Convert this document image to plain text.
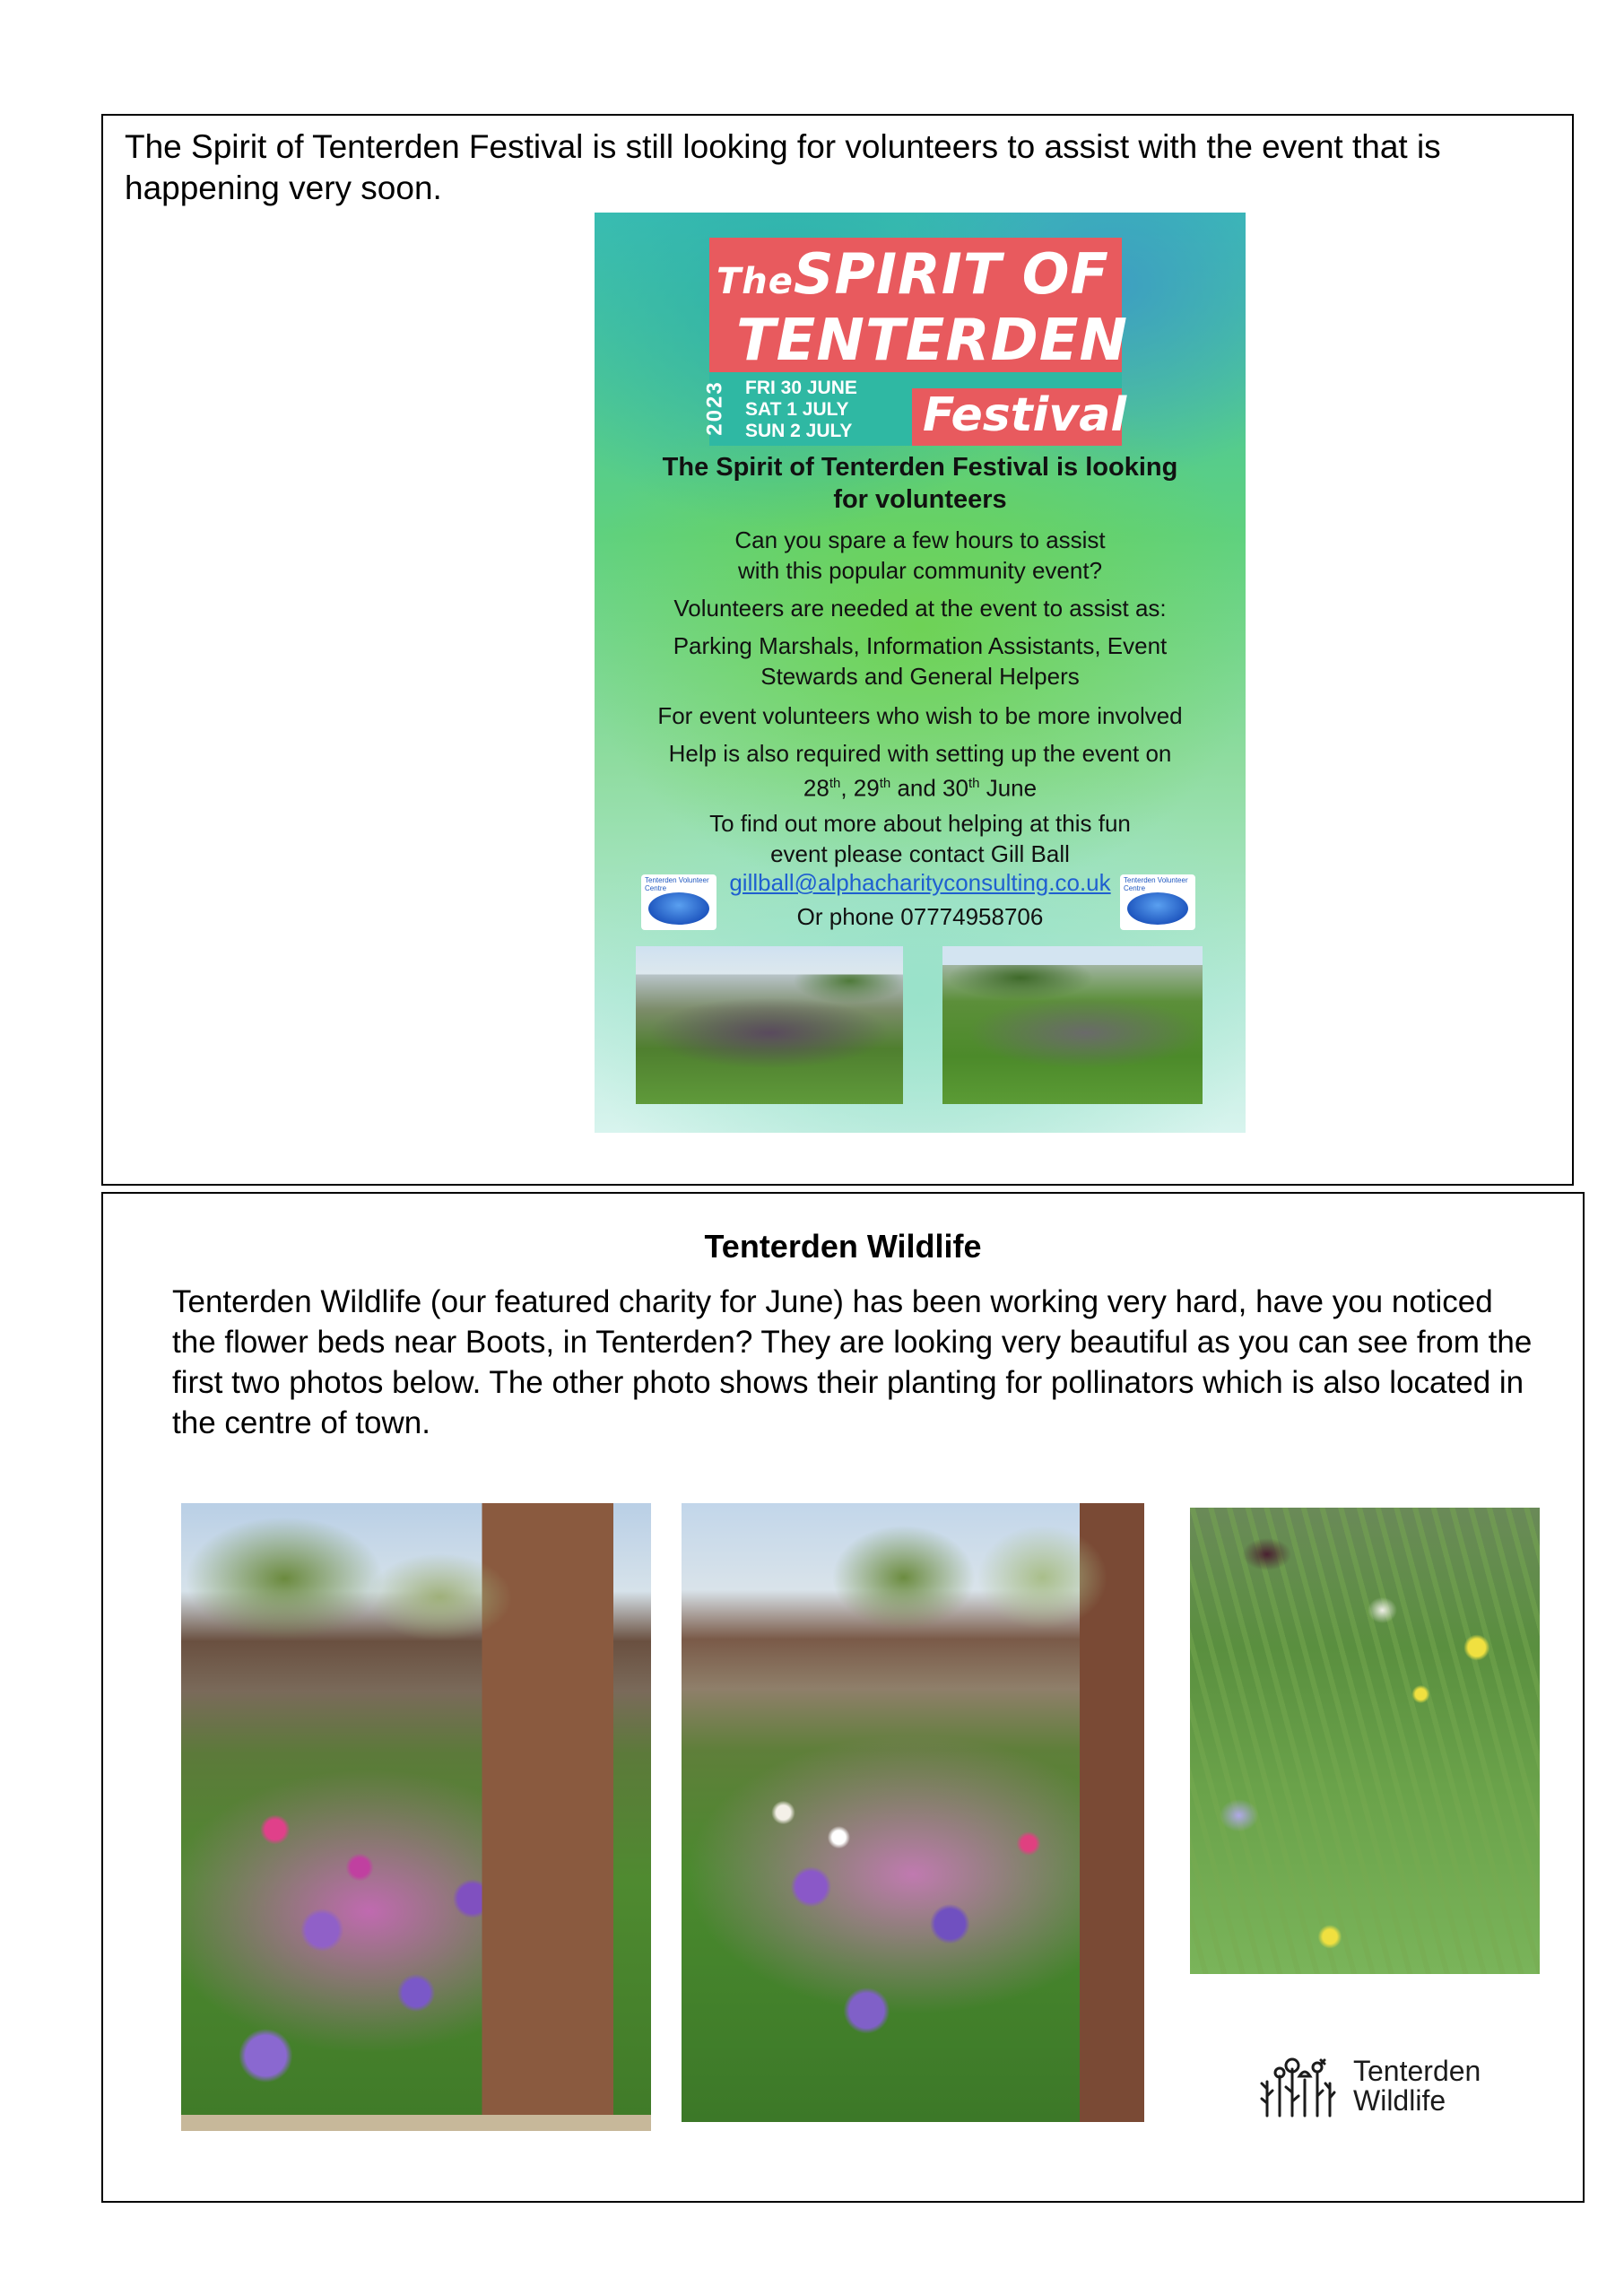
The Spirit of Tenterden Festival is still looking for volunteers to assist with the event that is happening very soon.

TheSPIRIT OF
TENTERDEN
2023 FRI 30 JUNE
SAT 1 JULY
SUN 2 JULY Festival
The Spirit of Tenterden Festival is looking for volunteers
Can you spare a few hours to assist with this popular community event?
Volunteers are needed at the event to assist as:
Parking Marshals, Information Assistants, Event Stewards and General Helpers
For event volunteers who wish to be more involved
Help is also required with setting up the event on
28th, 29th and 30th June
To find out more about helping at this fun event please contact Gill Ball
gillball@alphacharityconsulting.co.uk
Or phone 07774958706
Tenterden Volunteer Centre
Tenterden Volunteer Centre
Tenterden Wildlife

Tenterden Wildlife (our featured charity for June) has been working very hard, have you noticed the flower beds near Boots, in Tenterden? They are looking very beautiful as you can see from the first two photos below. The other photo shows their planting for pollinators which is also located in the centre of town.

Tenterden
Wildlife
